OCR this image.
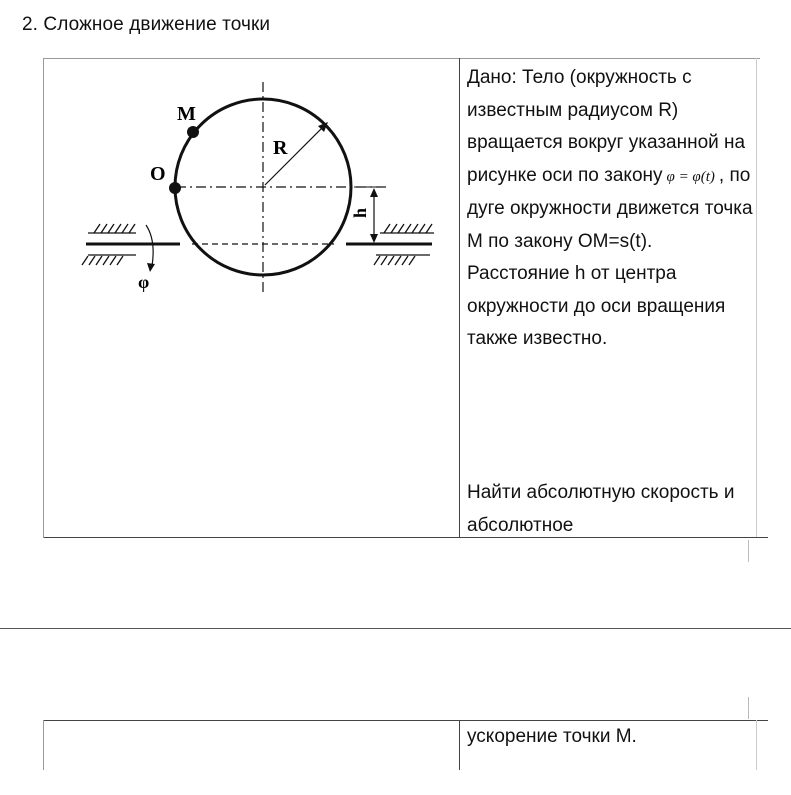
2. Сложное движение точки
M
O
R
h
φ

Дано: Тело (окружность с известным радиусом R) вращается вокруг указанной на рисунке оси по закону φ = φ(t) , по дуге окружности движется точка М по закону ОМ=s(t). Расстояние h от центра окружности до оси вращения также известно.

Найти абсолютную скорость и абсолютное

ускорение точки М.
